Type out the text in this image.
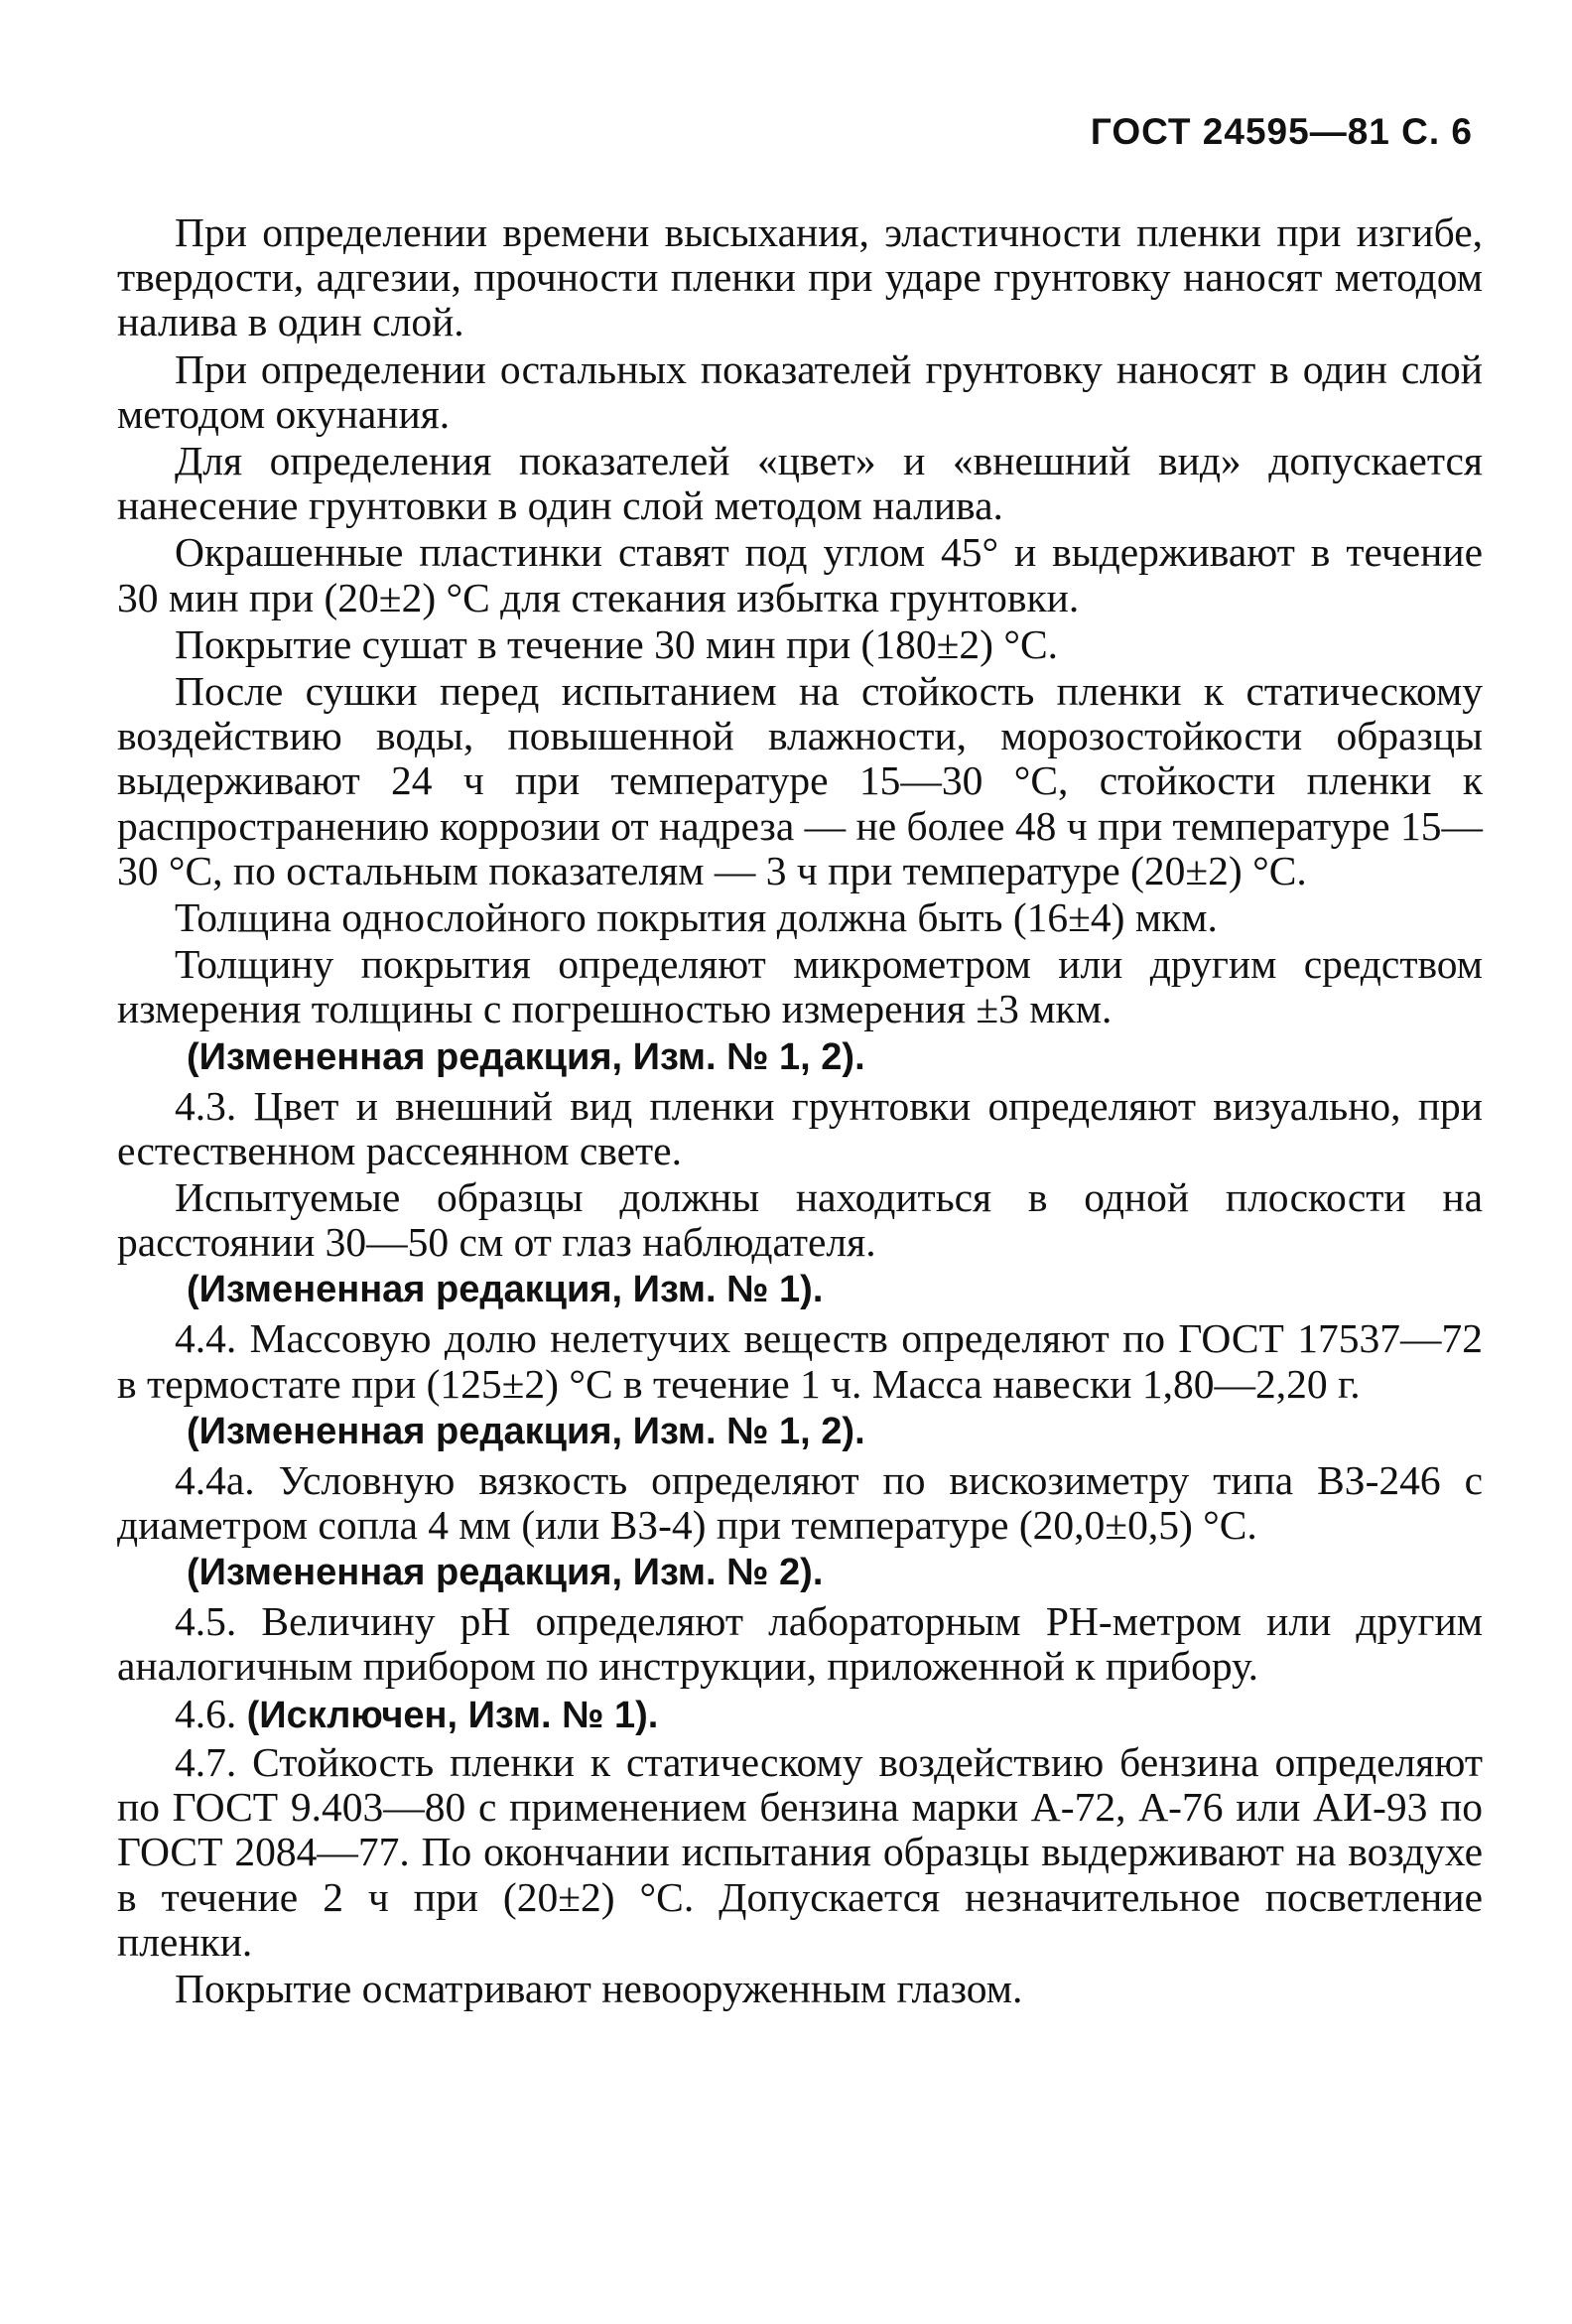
ГОСТ 24595—81 С. 6

При определении времени высыхания, эластичности пленки при изгибе, твердости, адгезии, прочности пленки при ударе грунтовку наносят методом налива в один слой.

При определении остальных показателей грунтовку наносят в один слой методом окунания.

Для определения показателей «цвет» и «внешний вид» допускается нанесение грунтовки в один слой методом налива.

Окрашенные пластинки ставят под углом 45° и выдерживают в течение 30 мин при (20±2) °С для стекания избытка грунтовки.

Покрытие сушат в течение 30 мин при (180±2) °С.

После сушки перед испытанием на стойкость пленки к статическому воздействию воды, повышенной влажности, морозостойкости образцы выдерживают 24 ч при температуре 15—30 °С, стойкости пленки к распространению коррозии от надреза — не более 48 ч при температуре 15—30 °С, по остальным показателям — 3 ч при температуре (20±2) °С.

Толщина однослойного покрытия должна быть (16±4) мкм.

Толщину покрытия определяют микрометром или другим средством измерения толщины с погрешностью измерения ±3 мкм.

(Измененная редакция, Изм. № 1, 2).

4.3. Цвет и внешний вид пленки грунтовки определяют визуально, при естественном рассеянном свете.

Испытуемые образцы должны находиться в одной плоскости на расстоянии 30—50 см от глаз наблюдателя.

(Измененная редакция, Изм. № 1).

4.4. Массовую долю нелетучих веществ определяют по ГОСТ 17537—72 в термостате при (125±2) °С в течение 1 ч. Масса навески 1,80—2,20 г.

(Измененная редакция, Изм. № 1, 2).

4.4а. Условную вязкость определяют по вискозиметру типа ВЗ-246 с диаметром сопла 4 мм (или ВЗ-4) при температуре (20,0±0,5) °С.

(Измененная редакция, Изм. № 2).

4.5. Величину рН определяют лабораторным РН-метром или другим аналогичным прибором по инструкции, приложенной к прибору.

4.6. (Исключен, Изм. № 1).

4.7. Стойкость пленки к статическому воздействию бензина определяют по ГОСТ 9.403—80 с применением бензина марки А-72, А-76 или АИ-93 по ГОСТ 2084—77. По окончании испытания образцы выдерживают на воздухе в течение 2 ч при (20±2) °С. Допускается незначительное посветление пленки.

Покрытие осматривают невооруженным глазом.
